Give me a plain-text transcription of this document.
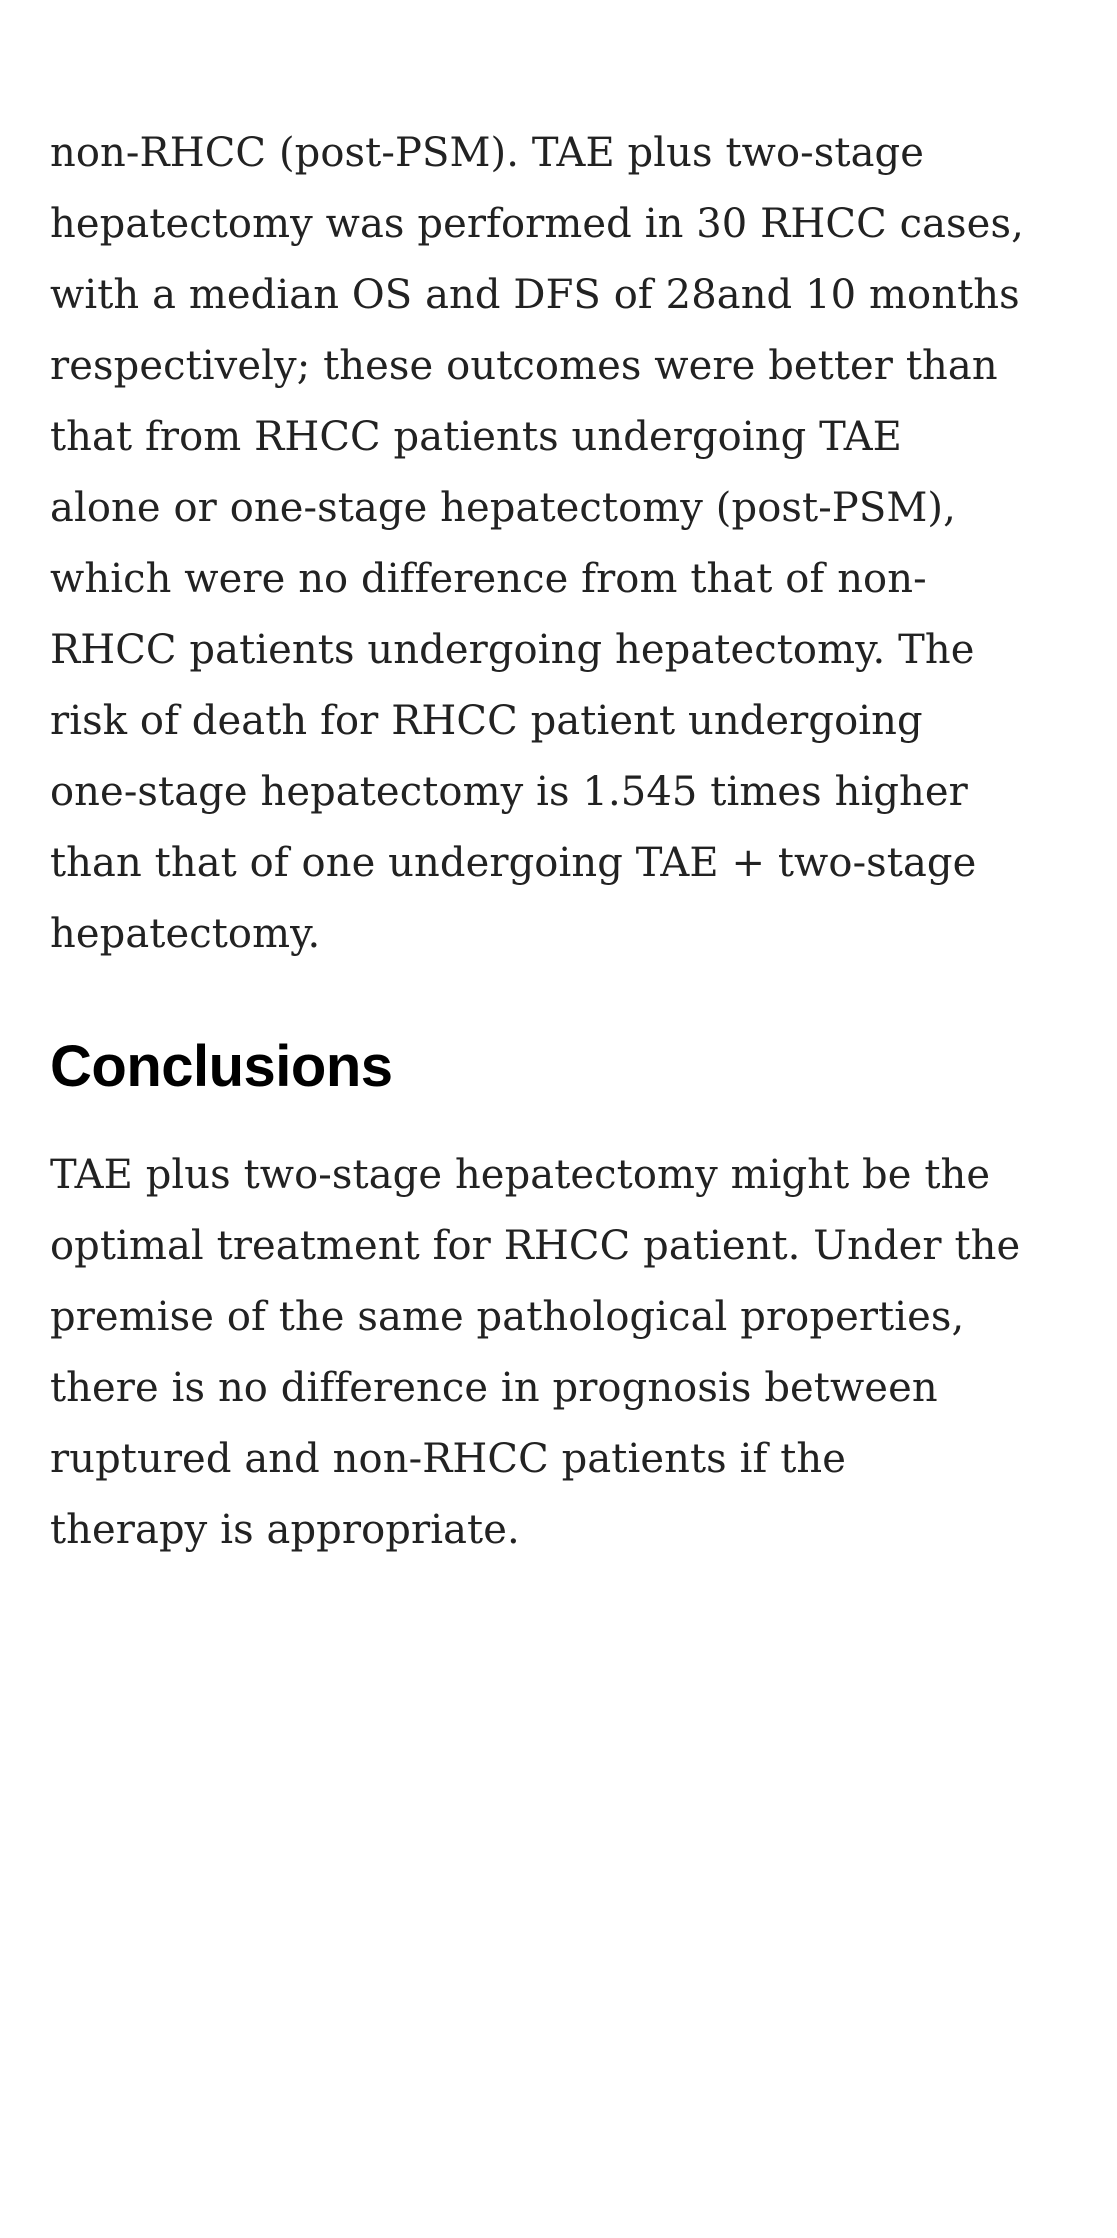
non-RHCC (post-PSM). TAE plus two-stage
hepatectomy was performed in 30 RHCC cases,
with a median OS and DFS of 28and 10 months
respectively; these outcomes were better than
that from RHCC patients undergoing TAE
alone or one-stage hepatectomy (post-PSM),
which were no difference from that of non-
RHCC patients undergoing hepatectomy. The
risk of death for RHCC patient undergoing
one-stage hepatectomy is 1.545 times higher
than that of one undergoing TAE + two-stage
hepatectomy.

Conclusions

TAE plus two-stage hepatectomy might be the
optimal treatment for RHCC patient. Under the
premise of the same pathological properties,
there is no difference in prognosis between
ruptured and non-RHCC patients if the
therapy is appropriate.
